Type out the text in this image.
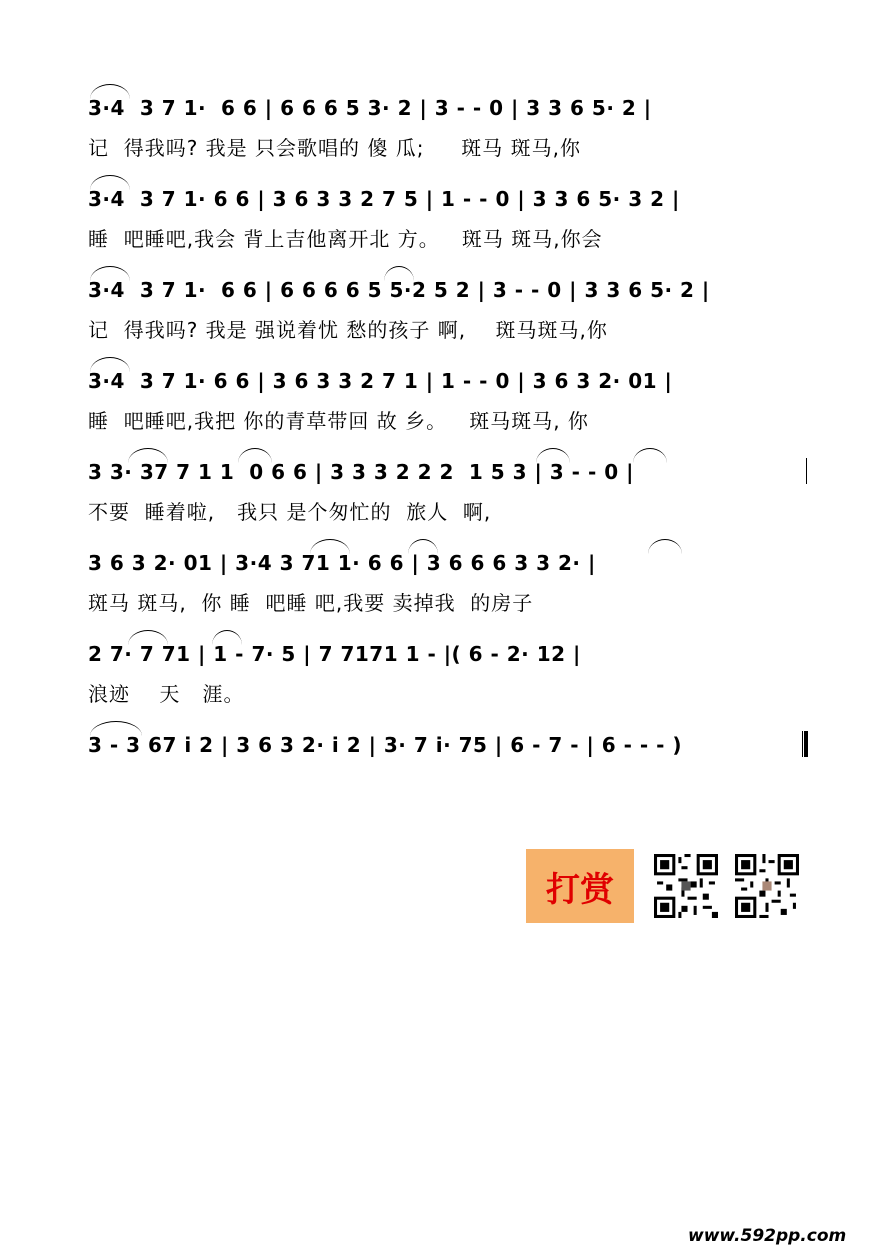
3·4  3 7 1·  6 6 | 6 6 6 5 3· 2 | 3 - - 0 | 3 3 6 5· 2 |
记  得我吗? 我是 只会歌唱的 傻 瓜;     斑马 斑马,你
3·4  3 7 1· 6 6 | 3 6 3 3 2 7 5 | 1 - - 0 | 3 3 6 5· 3 2 |
睡  吧睡吧,我会 背上吉他离开北 方。   斑马 斑马,你会
3·4  3 7 1·  6 6 | 6 6 6 6 5 5·2 5 2 | 3 - - 0 | 3 3 6 5· 2 |
记  得我吗? 我是 强说着忧 愁的孩子 啊,    斑马斑马,你
3·4  3 7 1· 6 6 | 3 6 3 3 2 7 1 | 1 - - 0 | 3 6 3 2· 01 |
睡  吧睡吧,我把 你的青草带回 故 乡。   斑马斑马, 你
3 3· 37 7 1 1  0 6 6 | 3 3 3 2 2 2  1 5 3 | 3 - - 0 |
不要  睡着啦,   我只 是个匆忙的  旅人  啊,
3 6 3 2· 01 | 3·4 3 71 1· 6 6 | 3 6 6 6 3 3 2· |
斑马 斑马,  你 睡  吧睡 吧,我要 卖掉我  的房子
2 7· 7 71 | 1 - 7· 5 | 7 7171 1 - |( 6 - 2· 12 |
浪迹    天   涯。
3 - 3 67 i 2 | 3 6 3 2· i 2 | 3· 7 i· 75 | 6 - 7 - | 6 - - - )
打赏
www.592pp.com
